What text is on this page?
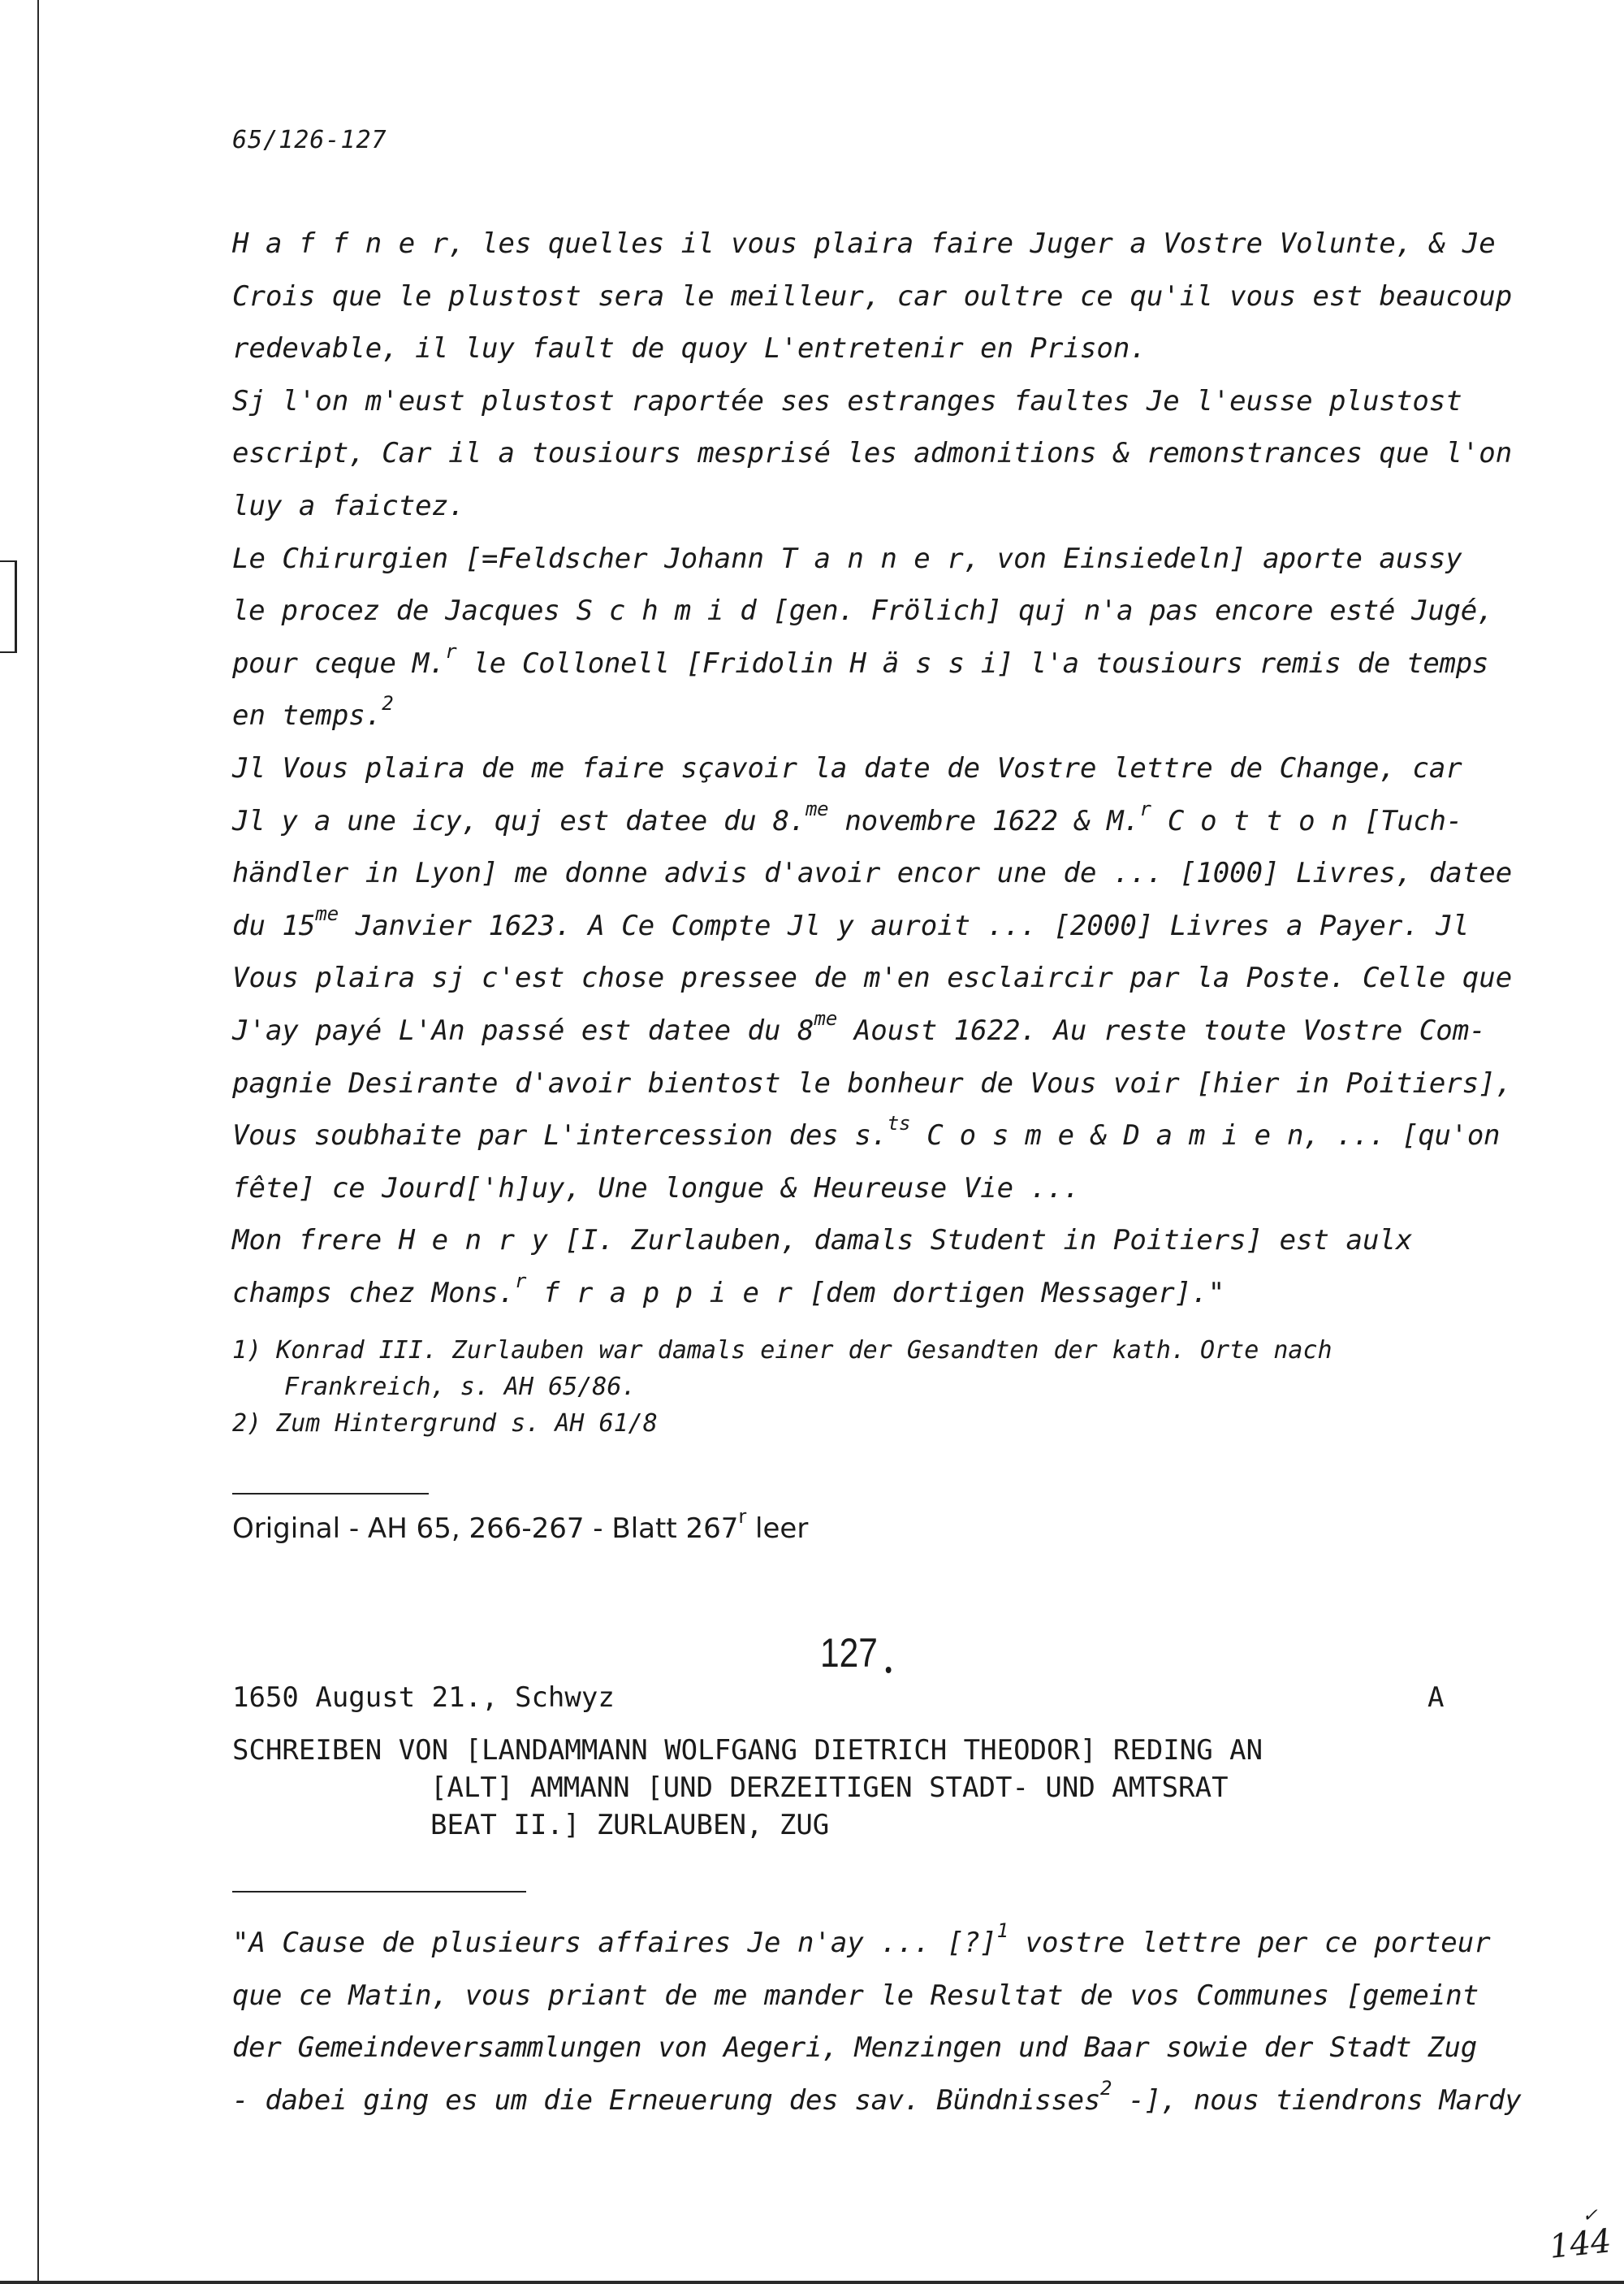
65/126-127
H a f f n e r, les quelles il vous plaira faire Juger a Vostre Volunte, & Je
Crois que le plustost sera le meilleur, car oultre ce qu'il vous est beaucoup
redevable, il luy fault de quoy L'entretenir en Prison.
Sj l'on m'eust plustost raportée ses estranges faultes Je l'eusse plustost
escript, Car il a tousiours mesprisé les admonitions & remonstrances que l'on
luy a faictez.
Le Chirurgien [=Feldscher Johann T a n n e r, von Einsiedeln] aporte aussy
le procez de Jacques S c h m i d [gen. Frölich] quj n'a pas encore esté Jugé,
pour ceque M.$^r$ le Collonell [Fridolin H ä s s i] l'a tousiours remis de temps
en temps.$^2$
Jl Vous plaira de me faire sçavoir la date de Vostre lettre de Change, car
Jl y a une icy, quj est datee du 8.$^{me}$ novembre 1622 & M.$^r$ C o t t o n [Tuch-
händler in Lyon] me donne advis d'avoir encor une de ... [1000] Livres, datee
du $15^{me}$ Janvier 1623. A Ce Compte Jl y auroit ... [2000] Livres a Payer. Jl
Vous plaira sj c'est chose pressee de m'en esclaircir par la Poste. Celle que
J'ay payé L'An passé est datee du $8^{me}$ Aoust 1622. Au reste toute Vostre Com-
pagnie Desirante d'avoir bientost le bonheur de Vous voir [hier in Poitiers],
Vous soubhaite par L'intercession des s.$^{ts}$ C o s m e & D a m i e n, ... [qu'on
fête] ce Jourd['h]uy, Une longue & Heureuse Vie ...
Mon frere H e n r y [I. Zurlauben, damals Student in Poitiers] est aulx
champs chez Mons.$^r$ f r a p p i e r [dem dortigen Messager]."
1) Konrad III. Zurlauben war damals einer der Gesandten der kath. Orte nach
Frankreich, s. AH 65/86.
2) Zum Hintergrund s. AH 61/8
Original - AH 65, 266-267 - Blatt 267$^r$ leer
127
1650 August 21., Schwyz	A
SCHREIBEN VON [LANDAMMANN WOLFGANG DIETRICH THEODOR] REDING AN
[ALT] AMMANN [UND DERZEITIGEN STADT- UND AMTSRAT
BEAT II.] ZURLAUBEN, ZUG
"A Cause de plusieurs affaires Je n'ay ... [?]$^1$ vostre lettre per ce porteur
que ce Matin, vous priant de me mander le Resultat de vos Communes [gemeint
der Gemeindeversammlungen von Aegeri, Menzingen und Baar sowie der Stadt Zug
- dabei ging es um die Erneuerung des sav. Bündnisses$^2$ -], nous tiendrons Mardy
✓
144
